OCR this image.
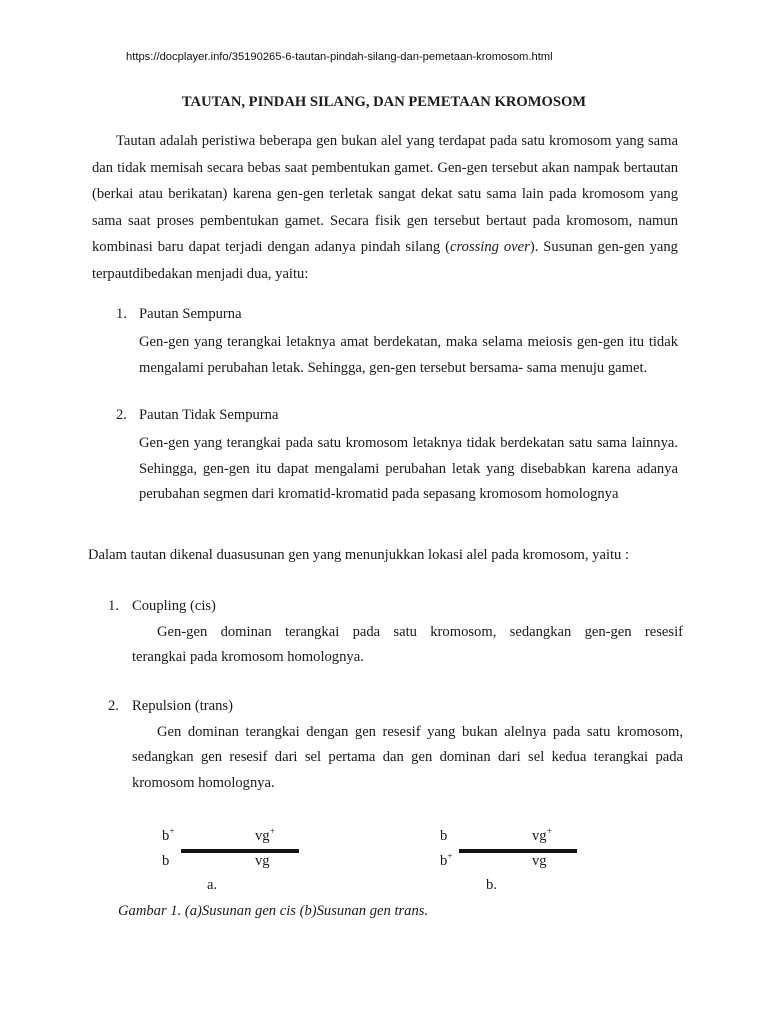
https://docplayer.info/35190265-6-tautan-pindah-silang-dan-pemetaan-kromosom.html
TAUTAN, PINDAH SILANG, DAN PEMETAAN KROMOSOM

Tautan adalah peristiwa beberapa gen bukan alel yang terdapat pada satu kromosom yang sama dan tidak memisah secara bebas saat pembentukan gamet. Gen-gen tersebut akan nampak bertautan (berkai atau berikatan) karena gen-gen terletak sangat dekat satu sama lain pada kromosom yang sama saat proses pembentukan gamet. Secara fisik gen tersebut bertaut pada kromosom, namun kombinasi baru dapat terjadi dengan adanya pindah silang (crossing over). Susunan gen-gen yang terpautdibedakan menjadi dua, yaitu:

1. Pautan Sempurna

Gen-gen yang terangkai letaknya amat berdekatan, maka selama meiosis gen-gen itu tidak mengalami perubahan letak. Sehingga, gen-gen tersebut bersama- sama menuju gamet.

2. Pautan Tidak Sempurna

Gen-gen yang terangkai pada satu kromosom letaknya tidak berdekatan satu sama lainnya. Sehingga, gen-gen itu dapat mengalami perubahan letak yang disebabkan karena adanya perubahan segmen dari kromatid-kromatid pada sepasang kromosom homolognya

Dalam tautan dikenal duasusunan gen yang menunjukkan lokasi alel pada kromosom, yaitu :
1. Coupling (cis)
Gen-gen dominan terangkai pada satu kromosom, sedangkan gen-gen resesif
terangkai pada kromosom homolognya.
2. Repulsion (trans)
Gen dominan terangkai dengan gen resesif yang bukan alelnya pada satu kromosom,
sedangkan gen resesif dari sel pertama dan gen dominan dari sel kedua terangkai pada
kromosom homolognya.
b+	vg+
b	vg
a.
b	vg+
b+	vg
b.
Gambar 1. (a)Susunan gen cis (b)Susunan gen trans.
